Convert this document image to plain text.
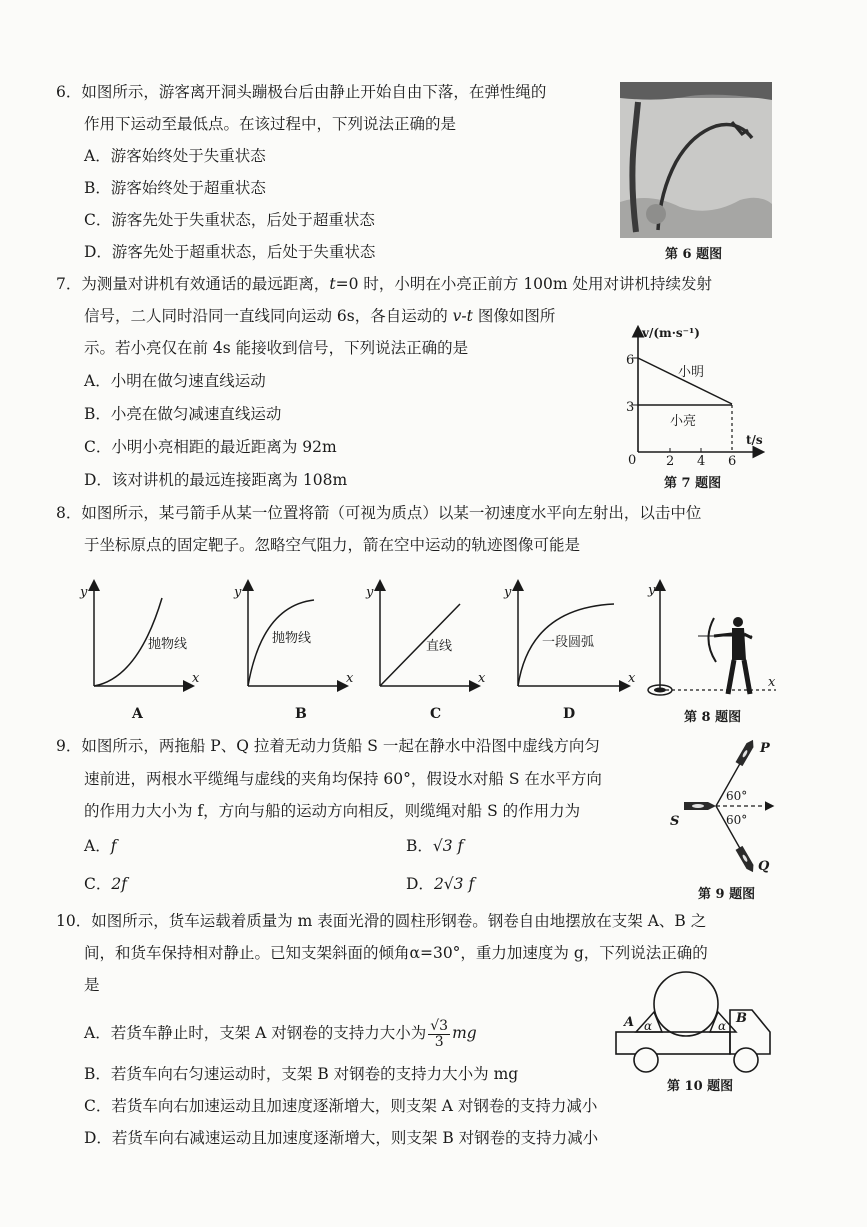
6．如图所示，游客离开洞头蹦极台后由静止开始自由下落，在弹性绳的
作用下运动至最低点。在该过程中，下列说法正确的是
A．游客始终处于失重状态
B．游客始终处于超重状态
C．游客先处于失重状态，后处于超重状态
D．游客先处于超重状态，后处于失重状态	第 6 题图
7．为测量对讲机有效通话的最远距离，t=0 时，小明在小亮正前方 100m 处用对讲机持续发射
信号，二人同时沿同一直线同向运动 6s，各自运动的 v-t 图像如图所
示。若小亮仅在前 4s 能接收到信号，下列说法正确的是
A．小明在做匀速直线运动
B．小亮在做匀减速直线运动
C．小明小亮相距的最近距离为 92m
D．该对讲机的最远连接距离为 108m
v/(m·s⁻¹)
t/s
6
3
0 2 4 6
小明
小亮
第 7 题图
8．如图所示，某弓箭手从某一位置将箭（可视为质点）以某一初速度水平向左射出，以击中位
于坐标原点的固定靶子。忽略空气阻力，箭在空中运动的轨迹图像可能是
y
x
抛物线
y
x
抛物线
y
x
直线
y
x
一段圆弧
A	B	C	D
y
x
第 8 题图
9．如图所示，两拖船 P、Q 拉着无动力货船 S 一起在静水中沿图中虚线方向匀
速前进，两根水平缆绳与虚线的夹角均保持 60°，假设水对船 S 在水平方向
的作用力大小为 f，方向与船的运动方向相反，则缆绳对船 S 的作用力为
A．f	B．√3 f
C．2f	D．2√3 f
P
Q
S
60°
60°
第 9 题图
10．如图所示，货车运载着质量为 m 表面光滑的圆柱形钢卷。钢卷自由地摆放在支架 A、B 之
间，和货车保持相对静止。已知支架斜面的倾角α=30°，重力加速度为 g，下列说法正确的
是
A．若货车静止时，支架 A 对钢卷的支持力大小为 $\frac{√3}{3}$ mg
B．若货车向右匀速运动时，支架 B 对钢卷的支持力大小为 mg
C．若货车向右加速运动且加速度逐渐增大，则支架 A 对钢卷的支持力减小
D．若货车向右减速运动且加速度逐渐增大，则支架 B 对钢卷的支持力减小
A	B
α	α
第 10 题图
